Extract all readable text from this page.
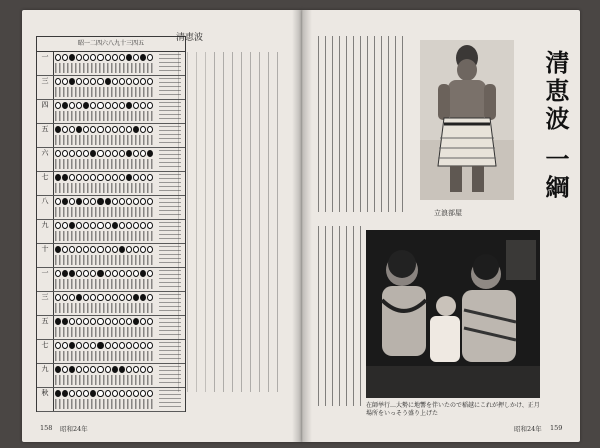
昭一二四六八九十三四五
一
三
四
五
六
七
八
九
十
一
三
五
七
九
秋
清恵波
158 昭和24年
清恵波 一綱
立浪部屋
在師挙行…大勢に地響を伴いたので稲越にこれが押しかけ、正月場所をいっそう盛り上げた
昭和24年 159
